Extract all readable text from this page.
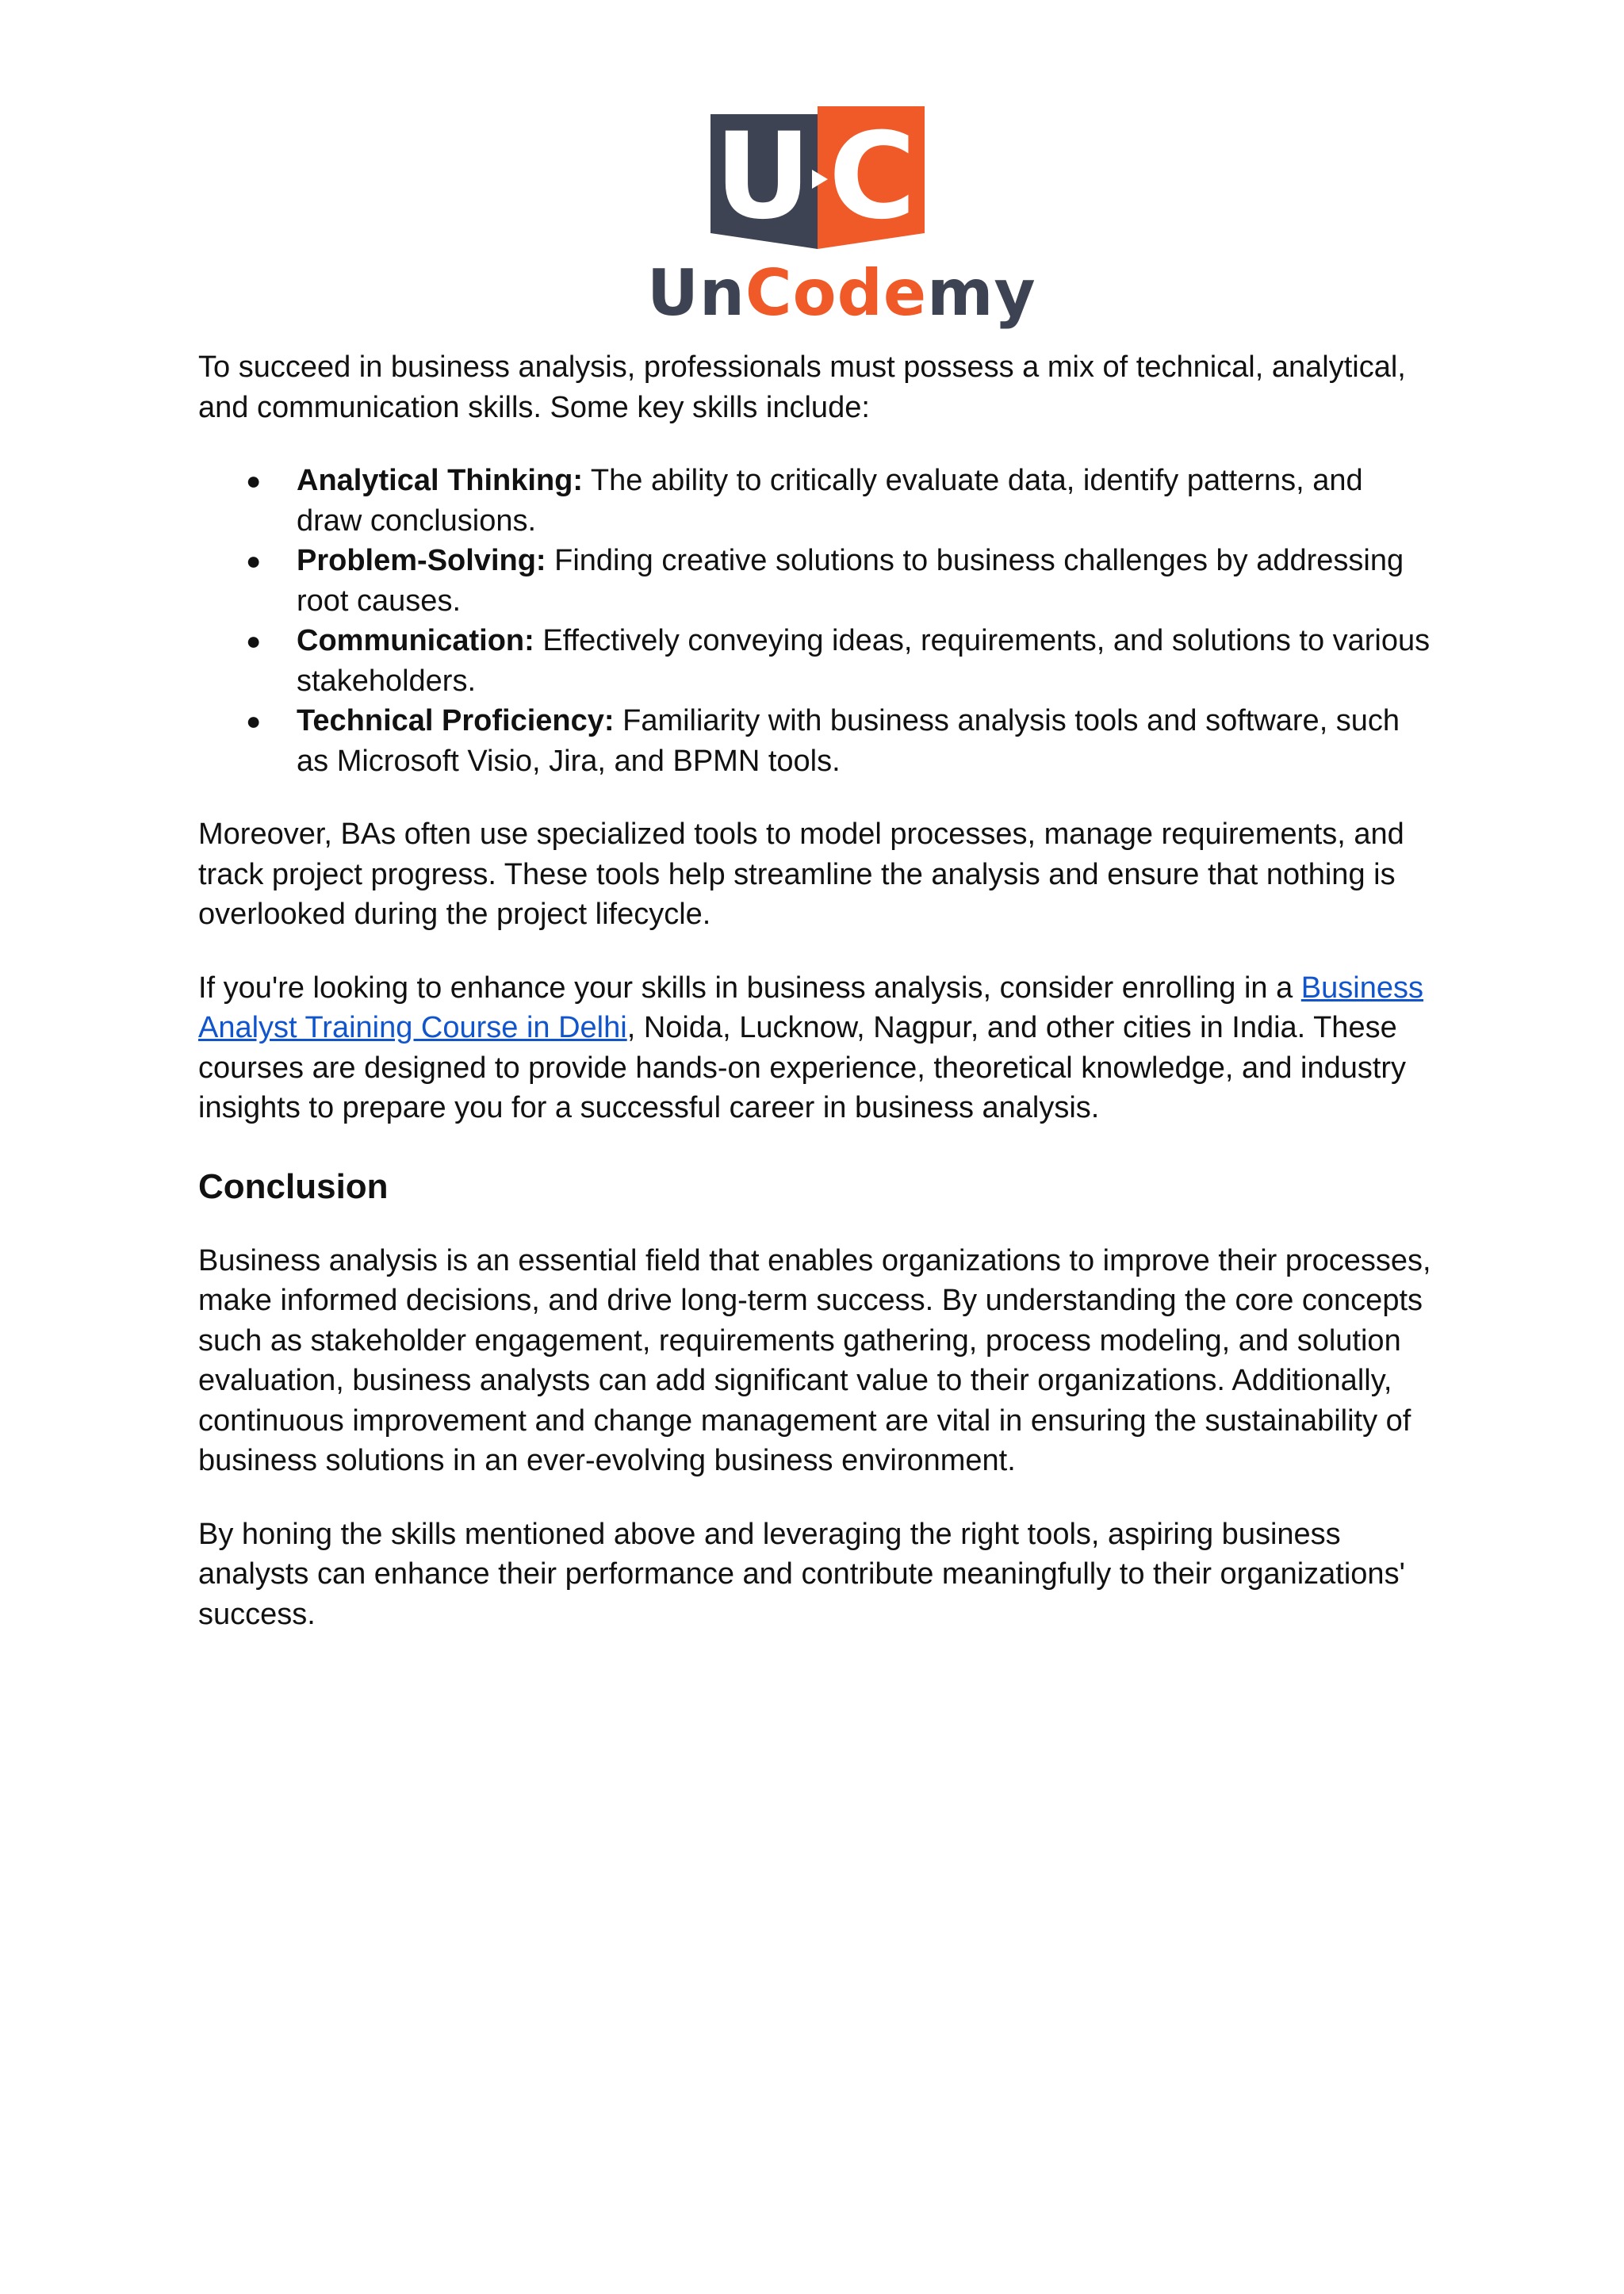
U C
UnCodemy

To succeed in business analysis, professionals must possess a mix of technical, analytical,
and communication skills. Some key skills include:

● Analytical Thinking: The ability to critically evaluate data, identify patterns, and
draw conclusions.
● Problem-Solving: Finding creative solutions to business challenges by addressing
root causes.
● Communication: Effectively conveying ideas, requirements, and solutions to various
stakeholders.
● Technical Proficiency: Familiarity with business analysis tools and software, such
as Microsoft Visio, Jira, and BPMN tools.

Moreover, BAs often use specialized tools to model processes, manage requirements, and
track project progress. These tools help streamline the analysis and ensure that nothing is
overlooked during the project lifecycle.

If you're looking to enhance your skills in business analysis, consider enrolling in a Business
Analyst Training Course in Delhi, Noida, Lucknow, Nagpur, and other cities in India. These
courses are designed to provide hands-on experience, theoretical knowledge, and industry
insights to prepare you for a successful career in business analysis.

Conclusion

Business analysis is an essential field that enables organizations to improve their processes,
make informed decisions, and drive long-term success. By understanding the core concepts
such as stakeholder engagement, requirements gathering, process modeling, and solution
evaluation, business analysts can add significant value to their organizations. Additionally,
continuous improvement and change management are vital in ensuring the sustainability of
business solutions in an ever-evolving business environment.

By honing the skills mentioned above and leveraging the right tools, aspiring business
analysts can enhance their performance and contribute meaningfully to their organizations'
success.
